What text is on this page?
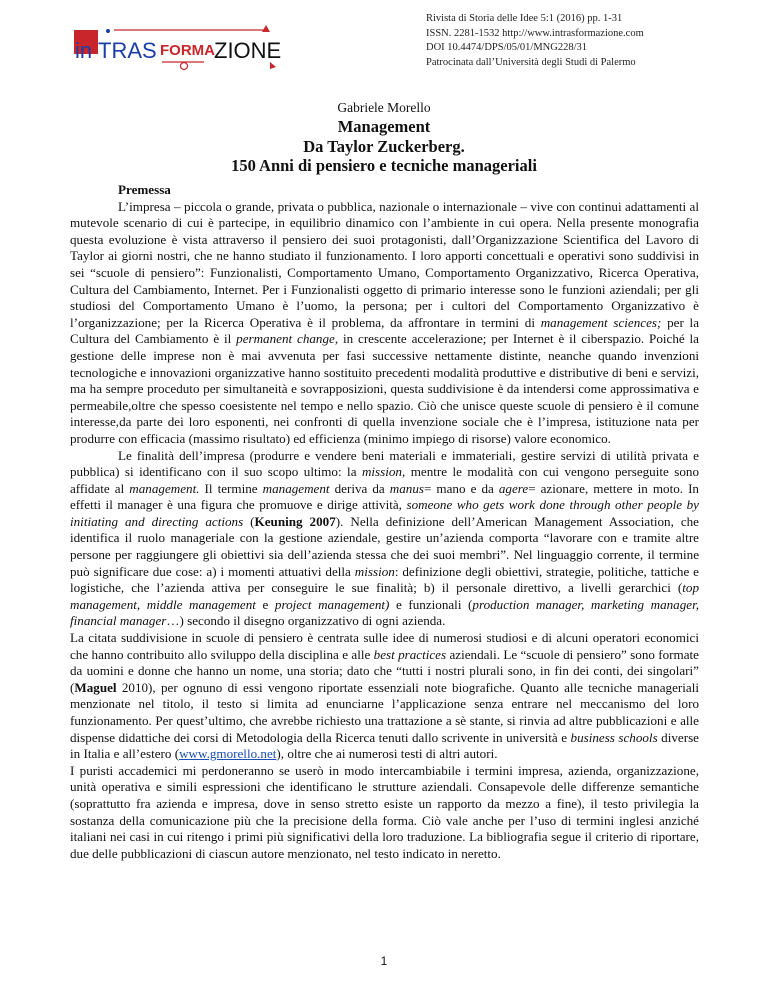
in TRAS FORMA ZIONE
Rivista di Storia delle Idee 5:1 (2016) pp. 1-31
ISSN. 2281-1532 http://www.intrasformazione.com
DOI 10.4474/DPS/05/01/MNG228/31
Patrocinata dall’Università degli Studi di Palermo
Gabriele Morello
Management
Da Taylor Zuckerberg.
150 Anni di pensiero e tecniche manageriali

Premessa

L’impresa – piccola o grande, privata o pubblica, nazionale o internazionale – vive con continui adattamenti al mutevole scenario di cui è partecipe, in equilibrio dinamico con l’ambiente in cui opera. Nella presente monografia questa evoluzione è vista attraverso il pensiero dei suoi protagonisti, dall’Organizzazione Scientifica del Lavoro di Taylor ai giorni nostri, che ne hanno studiato il funzionamento. I loro apporti concettuali e operativi sono suddivisi in sei “scuole di pensiero”: Funzionalisti, Comportamento Umano, Comportamento Organizzativo, Ricerca Operativa, Cultura del Cambiamento, Internet. Per i Funzionalisti oggetto di primario interesse sono le funzioni aziendali; per gli studiosi del Comportamento Umano è l’uomo, la persona; per i cultori del Comportamento Organizzativo è l’organizzazione; per la Ricerca Operativa è il problema, da affrontare in termini di management sciences; per la Cultura del Cambiamento è il permanent change, in crescente accelerazione; per Internet è il ciberspazio. Poiché la gestione delle imprese non è mai avvenuta per fasi successive nettamente distinte, neanche quando invenzioni tecnologiche e innovazioni organizzative hanno sostituito precedenti modalità produttive e distributive di beni e servizi, ma ha sempre proceduto per simultaneità e sovrapposizioni, questa suddivisione è da intendersi come approssimativa e permeabile,oltre che spesso coesistente nel tempo e nello spazio. Ciò che unisce queste scuole di pensiero è il comune interesse,da parte dei loro esponenti, nei confronti di quella invenzione sociale che è l’impresa, istituzione nata per produrre con efficacia (massimo risultato) ed efficienza (minimo impiego di risorse) valore economico.

Le finalità dell’impresa (produrre e vendere beni materiali e immateriali, gestire servizi di utilità privata e pubblica) si identificano con il suo scopo ultimo: la mission, mentre le modalità con cui vengono perseguite sono affidate al management. Il termine management deriva da manus= mano e da agere= azionare, mettere in moto. In effetti il manager è una figura che promuove e dirige attività, someone who gets work done through other people by initiating and directing actions (Keuning 2007). Nella definizione dell’American Management Association, che identifica il ruolo manageriale con la gestione aziendale, gestire un’azienda comporta “lavorare con e tramite altre persone per raggiungere gli obiettivi sia dell’azienda stessa che dei suoi membri”. Nel linguaggio corrente, il termine può significare due cose: a) i momenti attuativi della mission: definizione degli obiettivi, strategie, politiche, tattiche e logistiche, che l’azienda attiva per conseguire le sue finalità; b) il personale direttivo, a livelli gerarchici (top management, middle management e project management) e funzionali (production manager, marketing manager, financial manager…) secondo il disegno organizzativo di ogni azienda.

La citata suddivisione in scuole di pensiero è centrata sulle idee di numerosi studiosi e di alcuni operatori economici che hanno contribuito allo sviluppo della disciplina e alle best practices aziendali. Le “scuole di pensiero” sono formate da uomini e donne che hanno un nome, una storia; dato che “tutti i nostri plurali sono, in fin dei conti, dei singolari” (Maguel 2010), per ognuno di essi vengono riportate essenziali note biografiche. Quanto alle tecniche manageriali menzionate nel titolo, il testo si limita ad enunciarne l’applicazione senza entrare nel meccanismo del loro funzionamento. Per quest’ultimo, che avrebbe richiesto una trattazione a sè stante, si rinvia ad altre pubblicazioni e alle dispense didattiche dei corsi di Metodologia della Ricerca tenuti dallo scrivente in università e business schools diverse in Italia e all’estero (www.gmorello.net), oltre che ai numerosi testi di altri autori.

I puristi accademici mi perdoneranno se userò in modo intercambiabile i termini impresa, azienda, organizzazione, unità operativa e simili espressioni che identificano le strutture aziendali. Consapevole delle differenze semantiche (soprattutto fra azienda e impresa, dove in senso stretto esiste un rapporto da mezzo a fine), il testo privilegia la sostanza della comunicazione più che la precisione della forma. Ciò vale anche per l’uso di termini inglesi anziché italiani nei casi in cui ritengo i primi più significativi della loro traduzione. La bibliografia segue il criterio di riportare, due delle pubblicazioni di ciascun autore menzionato, nel testo indicato in neretto.

1
